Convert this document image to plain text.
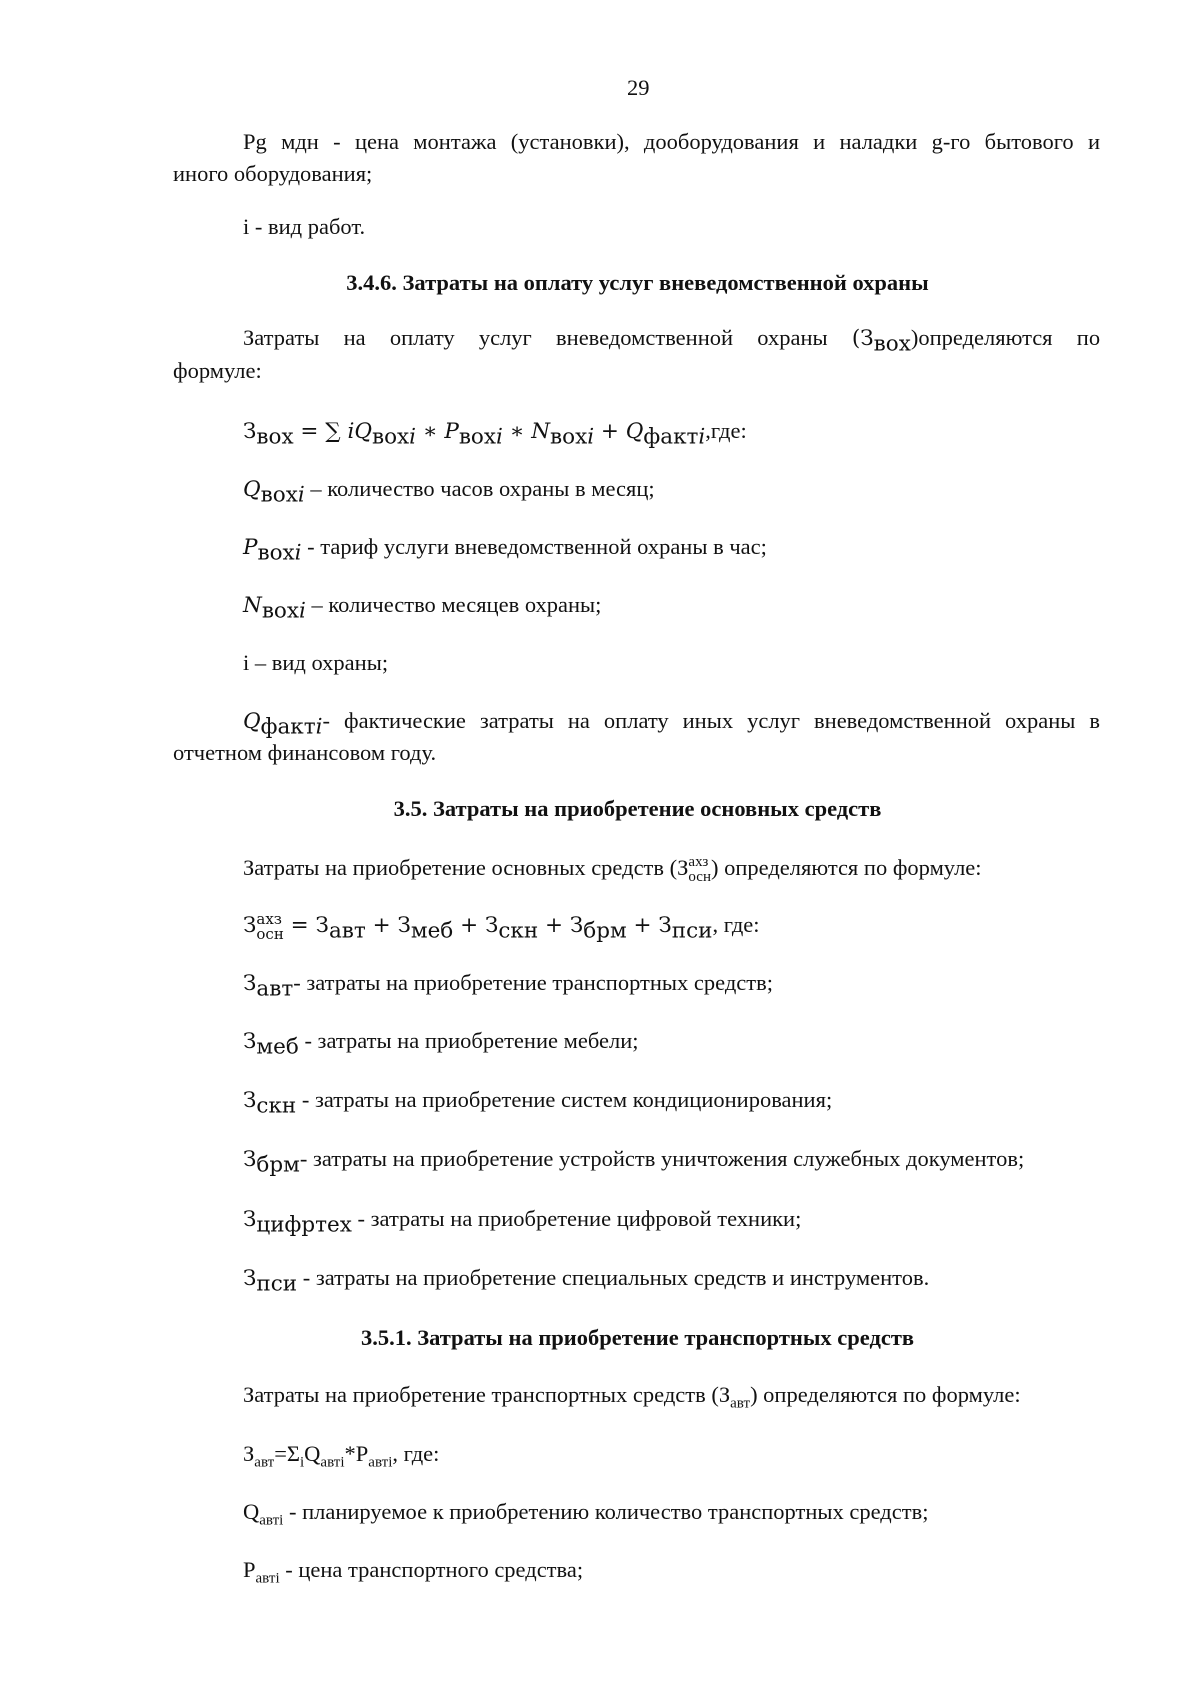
29
Pg мдн - цена монтажа (установки), дооборудования и наладки g-го бытового и
иного оборудования;
i - вид работ.
3.4.6. Затраты на оплату услуг вневедомственной охраны
Затраты на оплату услуг вневедомственной охраны $(З_{вох})определяются$ по
формуле:
$З_{вох}$ = ∑ $iQ_{вохi}$ ∗ $P_{вохi}$ ∗ $N_{вохi} + Q_{фактi},где$:
$Q_{вохi}$ – количество часов охраны в месяц;
$P_{вохi}$ - тариф услуги вневедомственной охраны в час;
$N_{вохi}$ – количество месяцев охраны;
i – вид охраны;
$Q_{фактi}-$ фактические затраты на оплату иных услуг вневедомственной охраны в
отчетном финансовом году.
3.5. Затраты на приобретение основных средств
Затраты на приобретение основных средств (З ахз
осн ) определяются по формуле:
З ахз
осн = $З_{авт} + З_{меб} + З_{скн} + З_{брм} + З_{пси}$, где:
$З_{авт}-$ затраты на приобретение транспортных средств;
$З_{меб}$ - затраты на приобретение мебели;
$З_{скн}$ - затраты на приобретение систем кондиционирования;
$З_{брм}-$ затраты на приобретение устройств уничтожения служебных документов;
$З_{цифртех}$ - затраты на приобретение цифровой техники;
$З_{пси}$ - затраты на приобретение специальных средств и инструментов.
3.5.1. Затраты на приобретение транспортных средств
Затраты на приобретение транспортных средств $(З_{авт})$ определяются по формуле:
$З_{авт}=\Sigma_iQ_{автi}*P_{автi}$, где:
$Q_{автi}$ - планируемое к приобретению количество транспортных средств;
$P_{автi}$ - цена транспортного средства;
